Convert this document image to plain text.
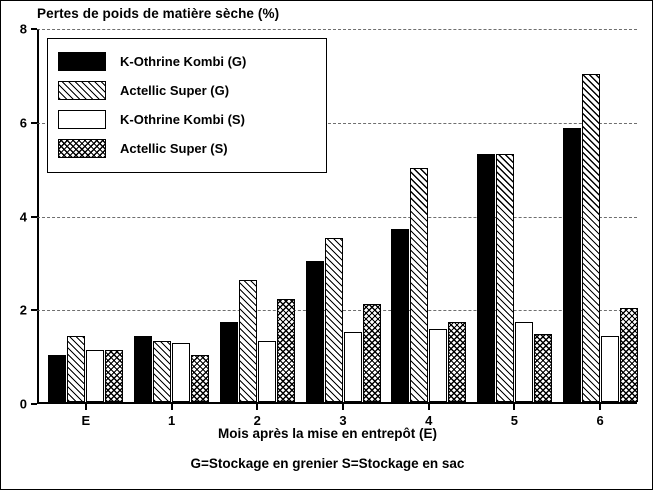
Pertes de poids de matière sèche (%)
0
2
4
6
8
E	1	2	3	4	5	6
K-Othrine Kombi (G)
Actellic Super (G)
K-Othrine Kombi (S)
Actellic Super (S)
Mois après la mise en entrepôt (E)
G=Stockage en grenier S=Stockage en sac
